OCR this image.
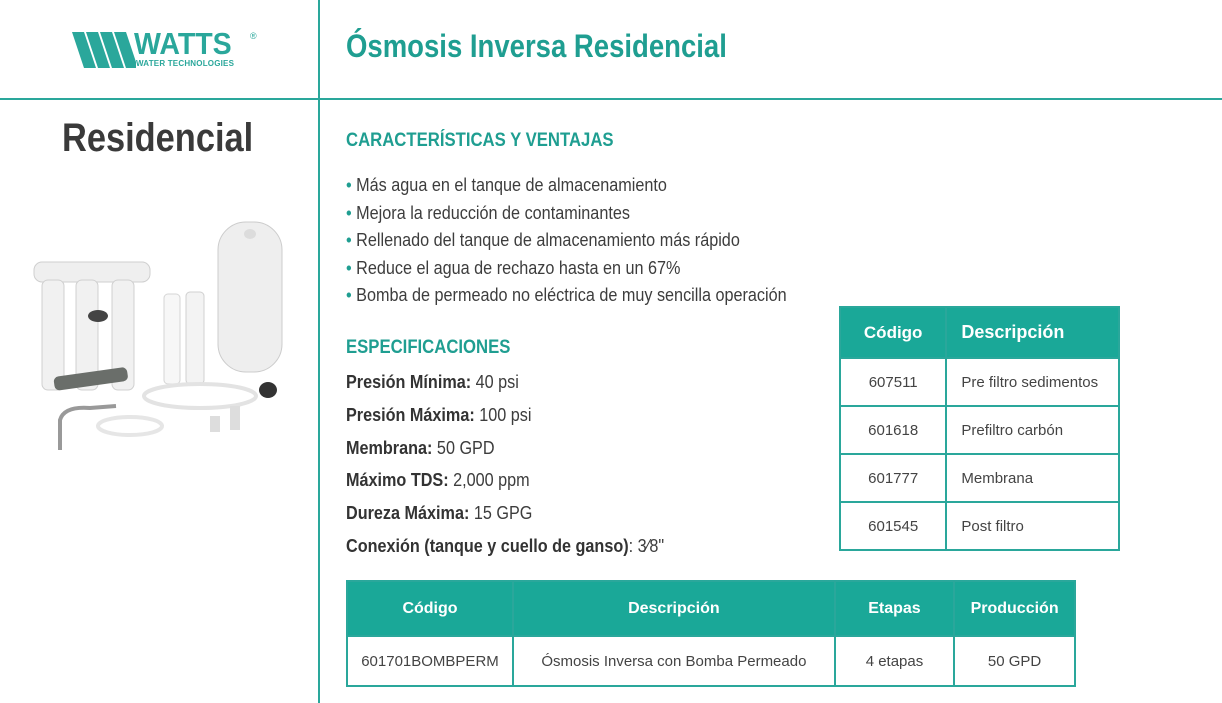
WATTS ®
WATER TECHNOLOGIES	Ósmosis Inversa Residencial
Residencial	CARACTERÍSTICAS Y VENTAJAS
• Más agua en el tanque de almacenamiento
• Mejora la reducción de contaminantes
• Rellenado del tanque de almacenamiento más rápido
• Reduce el agua de rechazo hasta en un 67%
• Bomba de permeado no eléctrica de muy sencilla operación
ESPECIFICACIONES
Presión Mínima: 40 psi
Presión Máxima: 100 psi
Membrana: 50 GPD
Máximo TDS: 2,000 ppm
Dureza Máxima: 15 GPG
Conexión (tanque y cuello de ganso): 3⁄8"
Código	Descripción
607511	Pre filtro sedimentos
601618	Prefiltro carbón
601777	Membrana
601545	Post filtro
Código	Descripción	Etapas	Producción
601701BOMBPERM	Ósmosis Inversa con Bomba Permeado	4 etapas	50 GPD
